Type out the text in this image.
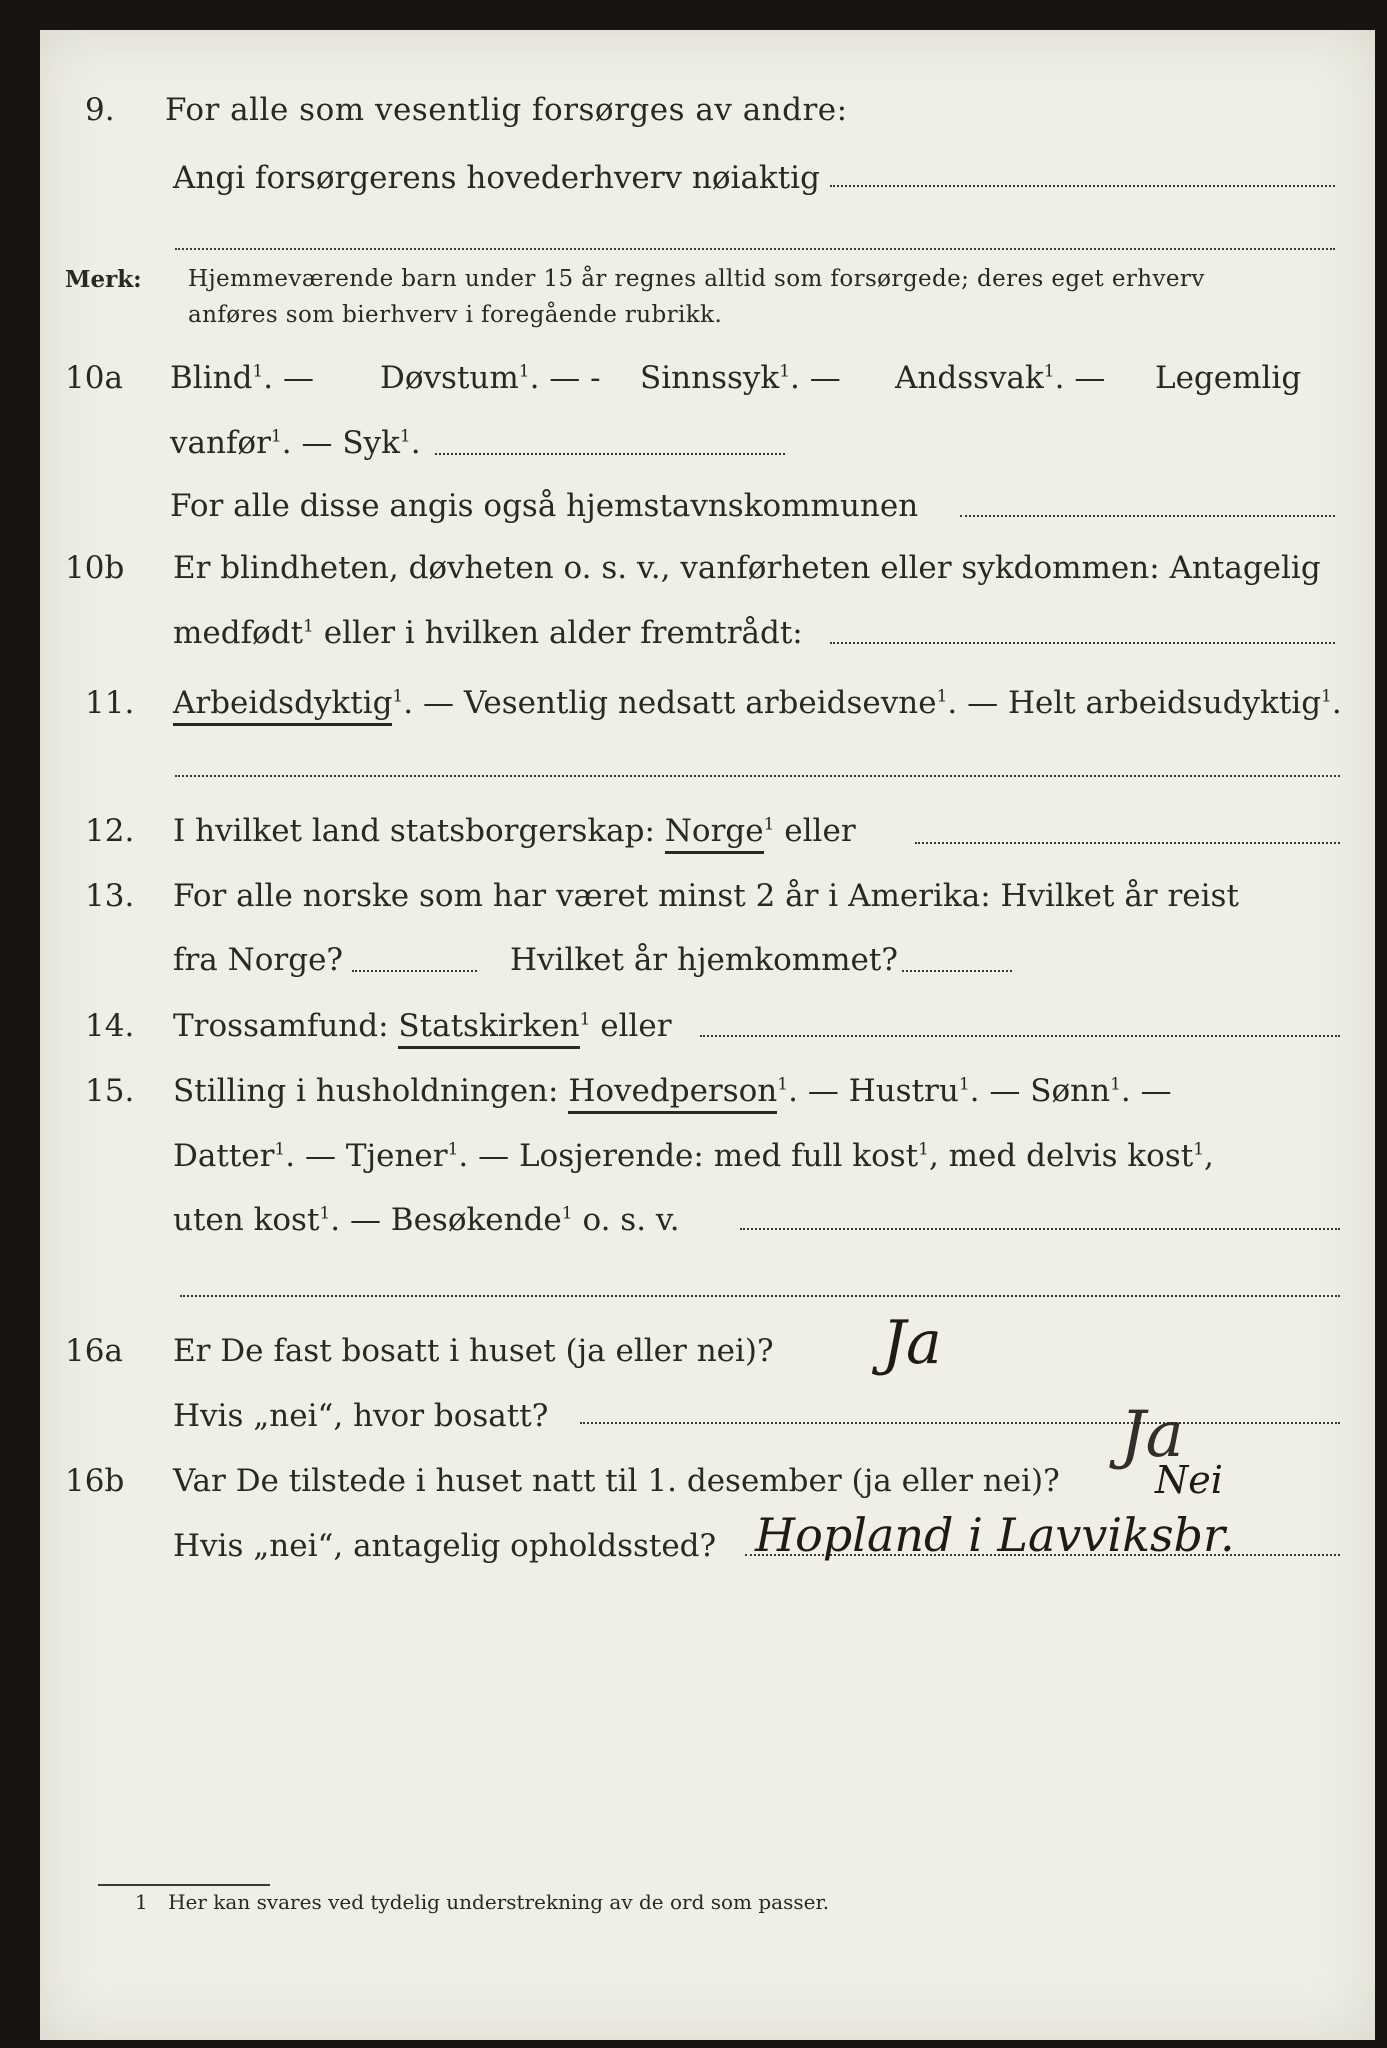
9. For alle som vesentlig forsørges av andre:
Angi forsørgerens hovederhverv nøiaktig
Merk: Hjemmeværende barn under 15 år regnes alltid som forsørgede; deres eget erhverv
anføres som bierhverv i foregående rubrikk.
10a Blind$^1$. — Døvstum$^1$. — - Sinnssyk$^1$. — Andssvak$^1$. — Legemlig
vanfør$^1$. — Syk$^1$.
For alle disse angis også hjemstavnskommunen
10b Er blindheten, døvheten o. s. v., vanførheten eller sykdommen: Antagelig
medfødt$^1$ eller i hvilken alder fremtrådt:
11. Arbeidsdyktig$^1$. — Vesentlig nedsatt arbeidsevne$^1$. — Helt arbeidsudyktig$^1$.
12. I hvilket land statsborgerskap: Norge$^1$ eller
13. For alle norske som har været minst 2 år i Amerika: Hvilket år reist
fra Norge?	Hvilket år hjemkommet?
14. Trossamfund: Statskirken$^1$ eller
15. Stilling i husholdningen: Hovedperson$^1$. — Hustru$^1$. — Sønn$^1$. —
Datter$^1$. — Tjener$^1$. — Losjerende: med full kost$^1$, med delvis kost$^1$,
uten kost$^1$. — Besøkende$^1$ o. s. v.
16a Er De fast bosatt i huset (ja eller nei)? Ja
Hvis „nei“, hvor bosatt?
16b Var De tilstede i huset natt til 1. desember (ja eller nei)?
Ja
Nei
Hvis „nei“, antagelig opholdssted? Hopland i Lavviksbr.
1 Her kan svares ved tydelig understrekning av de ord som passer.
